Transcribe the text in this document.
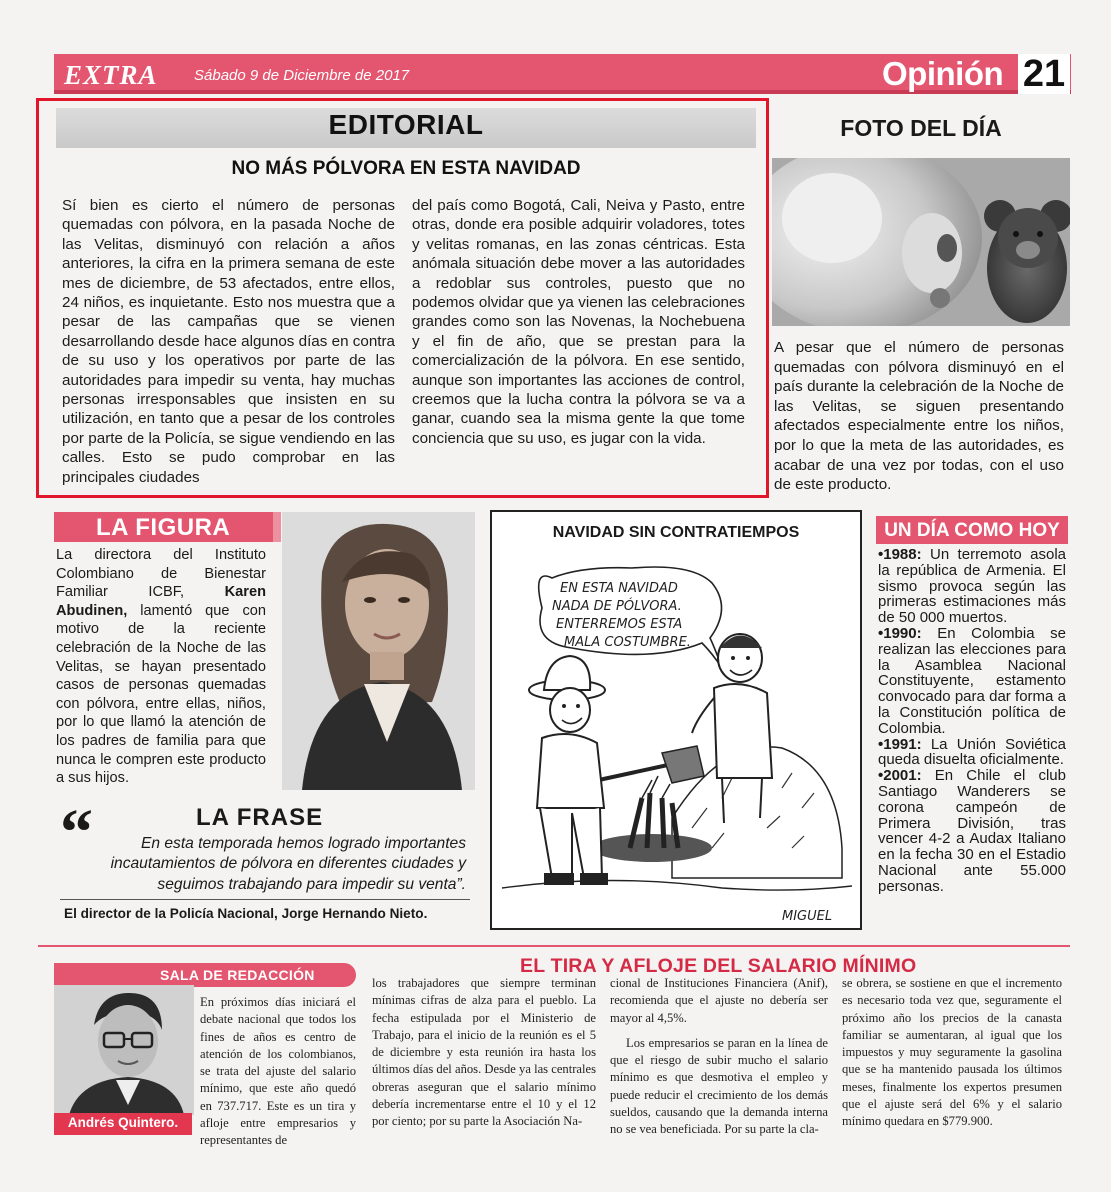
EXTRA Sábado 9 de Diciembre de 2017	Opinión 21
EDITORIAL
NO MÁS PÓLVORA EN ESTA NAVIDAD
Sí bien es cierto el número de personas quemadas con pólvora, en la pasada Noche de las Velitas, disminuyó con relación a años anteriores, la cifra en la primera semana de este mes de diciembre, de 53 afectados, entre ellos, 24 niños, es inquietante. Esto nos muestra que a pesar de las campañas que se vienen desarrollando desde hace algunos días en contra de su uso y los operativos por parte de las autoridades para impedir su venta, hay muchas personas irresponsables que insisten en su utilización, en tanto que a pesar de los controles por parte de la Policía, se sigue vendiendo en las calles. Esto se pudo comprobar en las principales ciudades
del país como Bogotá, Cali, Neiva y Pasto, entre otras, donde era posible adquirir voladores, totes y velitas romanas, en las zonas céntricas. Esta anómala situación debe mover a las autoridades a redoblar sus controles, puesto que no podemos olvidar que ya vienen las celebraciones grandes como son las Novenas, la Nochebuena y el fin de año, que se prestan para la comercialización de la pólvora. En ese sentido, aunque son importantes las acciones de control, creemos que la lucha contra la pólvora se va a ganar, cuando sea la misma gente la que tome conciencia que su uso, es jugar con la vida.
FOTO DEL DÍA
A pesar que el número de personas quemadas con pólvora disminuyó en el país durante la celebración de la Noche de las Velitas, se siguen presentando afectados especialmente entre los niños, por lo que la meta de las autoridades, es acabar de una vez por todas, con el uso de este producto.
LA FIGURA
La directora del Instituto Colombiano de Bienestar Familiar ICBF, Karen Abudinen, lamentó que con motivo de la reciente celebración de la Noche de las Velitas, se hayan presentado casos de personas quemadas con pólvora, entre ellas, niños, por lo que llamó la atención de los padres de familia para que nunca le compren este producto a sus hijos.
“	LA FRASE
En esta temporada hemos logrado importantes incautamientos de pólvora en diferentes ciudades y seguimos trabajando para impedir su venta”.
El director de la Policía Nacional, Jorge Hernando Nieto.
NAVIDAD SIN CONTRATIEMPOS
EN ESTA NAVIDAD
NADA DE PÓLVORA.
ENTERREMOS ESTA
MALA COSTUMBRE.
MIGUEL
UN DÍA COMO HOY
•1988: Un terremoto asola la república de Armenia. El sismo provoca según las primeras estimaciones más de 50 000 muertos.
•1990: En Colombia se realizan las elecciones para la Asamblea Nacional Constituyente, estamento convocado para dar forma a la Constitución política de Colombia.
•1991: La Unión Soviética queda disuelta oficialmente.
•2001: En Chile el club Santiago Wanderers se corona campeón de Primera División, tras vencer 4-2 a Audax Italiano en la fecha 30 en el Estadio Nacional ante 55.000 personas.
SALA DE REDACCIÓN
Andrés Quintero.
EL TIRA Y AFLOJE DEL SALARIO MÍNIMO
En próximos días iniciará el debate nacional que todos los fines de años es centro de atención de los colombianos, se trata del ajuste del salario mínimo, que este año quedó en 737.717. Este es un tira y afloje entre empresarios y representantes de
los trabajadores que siempre terminan mínimas cifras de alza para el pueblo. La fecha estipulada por el Ministerio de Trabajo, para el inicio de la reunión es el 5 de diciembre y esta reunión ira hasta los últimos días del años. Desde ya las centrales obreras aseguran que el salario mínimo debería incrementarse entre el 10 y el 12 por ciento; por su parte la Asociación Na-
cional de Instituciones Financiera (Anif), recomienda que el ajuste no debería ser mayor al 4,5%.
Los empresarios se paran en la línea de que el riesgo de subir mucho el salario mínimo es que desmotiva el empleo y puede reducir el crecimiento de los demás sueldos, causando que la demanda interna no se vea beneficiada. Por su parte la cla-
se obrera, se sostiene en que el incremento es necesario toda vez que, seguramente el próximo año los precios de la canasta familiar se aumentaran, al igual que los impuestos y muy seguramente la gasolina que se ha mantenido pausada los últimos meses, finalmente los expertos presumen que el ajuste será del 6% y el salario mínimo quedara en $779.900.
